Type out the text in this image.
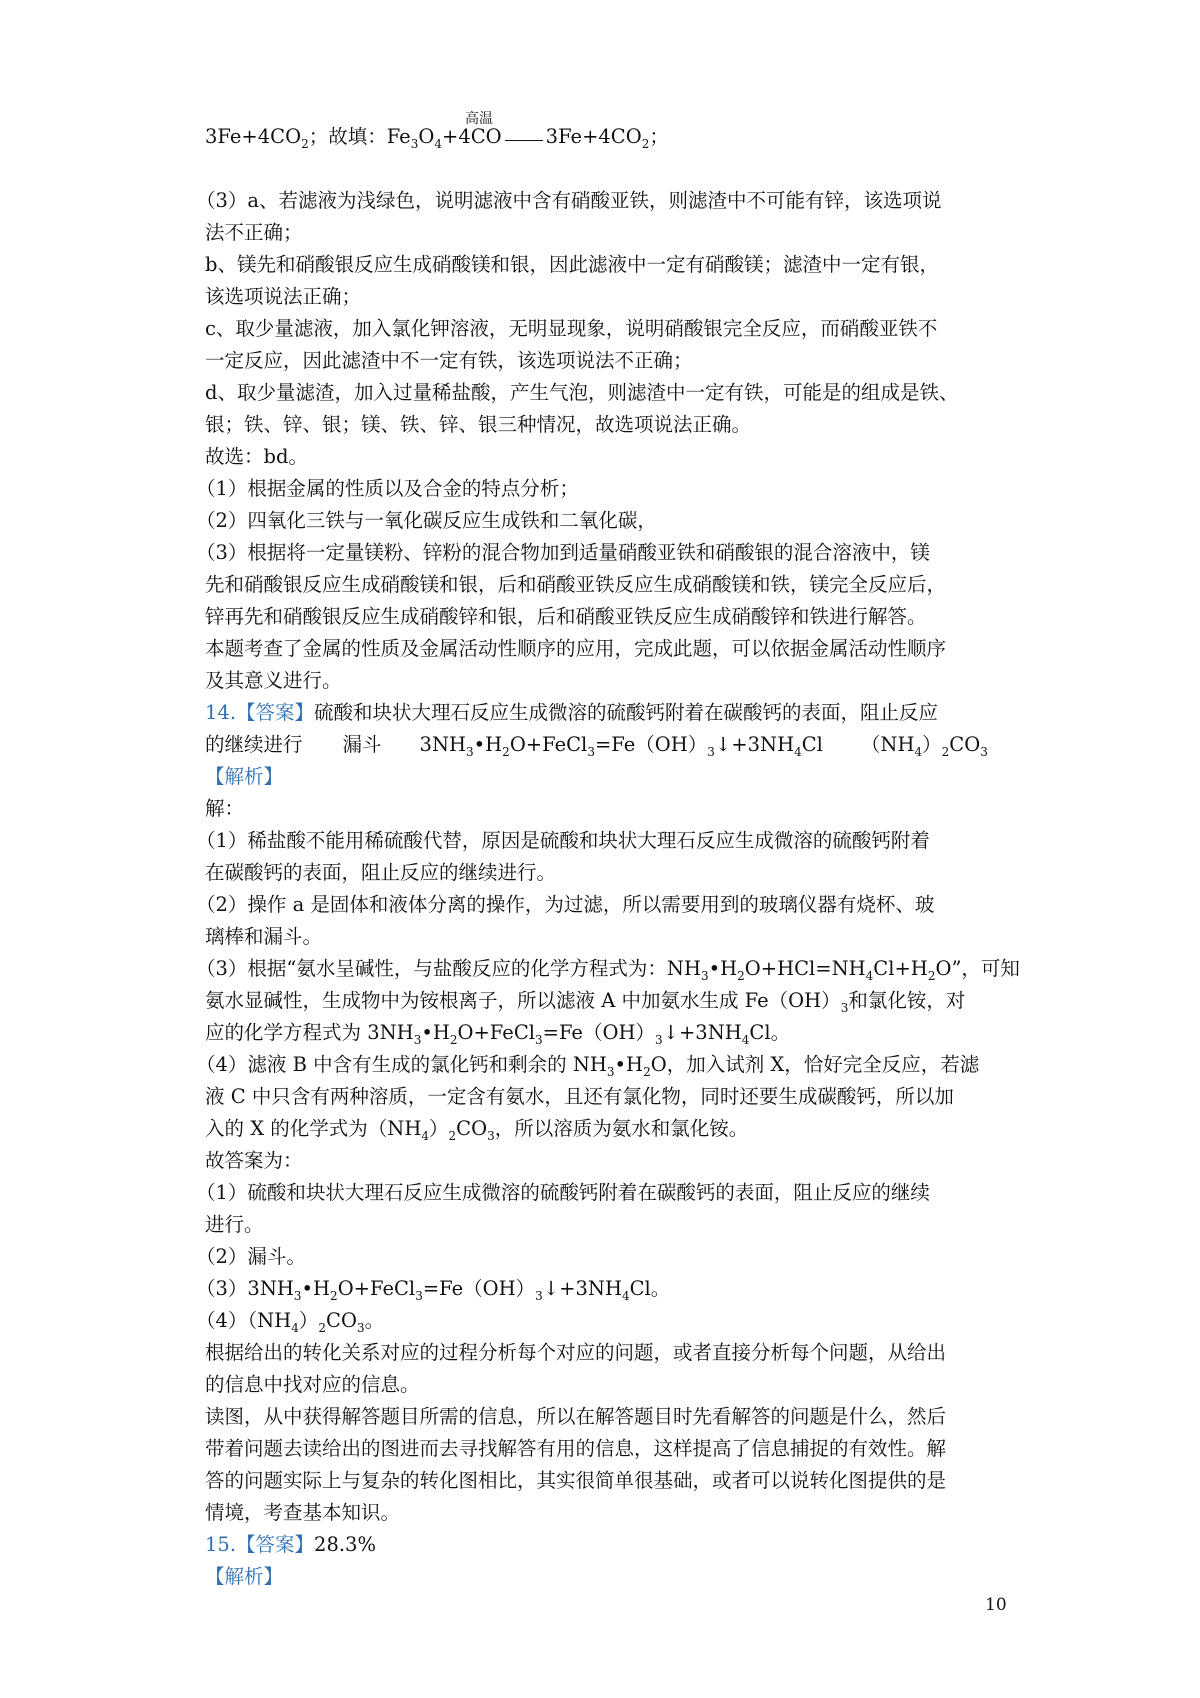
高温
$3Fe+4CO_2$；故填：$Fe_3O_4+4CO$ $3Fe+4CO_2$；
（3）a、若滤液为浅绿色，说明滤液中含有硝酸亚铁，则滤渣中不可能有锌，该选项说
法不正确；
b、镁先和硝酸银反应生成硝酸镁和银，因此滤液中一定有硝酸镁；滤渣中一定有银，
该选项说法正确；
c、取少量滤液，加入氯化钾溶液，无明显现象，说明硝酸银完全反应，而硝酸亚铁不
一定反应，因此滤渣中不一定有铁，该选项说法不正确；
d、取少量滤渣，加入过量稀盐酸，产生气泡，则滤渣中一定有铁，可能是的组成是铁、
银；铁、锌、银；镁、铁、锌、银三种情况，故选项说法正确。
故选：bd。
（1）根据金属的性质以及合金的特点分析；
（2）四氧化三铁与一氧化碳反应生成铁和二氧化碳，
（3）根据将一定量镁粉、锌粉的混合物加到适量硝酸亚铁和硝酸银的混合溶液中，镁
先和硝酸银反应生成硝酸镁和银，后和硝酸亚铁反应生成硝酸镁和铁，镁完全反应后，
锌再先和硝酸银反应生成硝酸锌和银，后和硝酸亚铁反应生成硝酸锌和铁进行解答。
本题考查了金属的性质及金属活动性顺序的应用，完成此题，可以依据金属活动性顺序
及其意义进行。
14.【答案】硫酸和块状大理石反应生成微溶的硫酸钙附着在碳酸钙的表面，阻止反应
的继续进行 漏斗 $3NH_3•H_2O+FeCl_3=Fe(OH)_3↓+3NH_4Cl$ $(NH_4)_2CO_3$
【解析】
解：
（1）稀盐酸不能用稀硫酸代替，原因是硫酸和块状大理石反应生成微溶的硫酸钙附着
在碳酸钙的表面，阻止反应的继续进行。
（2）操作 a 是固体和液体分离的操作，为过滤，所以需要用到的玻璃仪器有烧杯、玻
璃棒和漏斗。
（3）根据“氨水呈碱性，与盐酸反应的化学方程式为：$NH_3•H_2O+HCl=NH_4Cl+H_2O$”，可知
氨水显碱性，生成物中为铵根离子，所以滤液 A 中加氨水生成 $Fe(OH)_3$和氯化铵，对
应的化学方程式为 $3NH_3•H_2O+FeCl_3=Fe(OH)_3↓+3NH_4Cl$。
（4）滤液 B 中含有生成的氯化钙和剩余的 $NH_3•H_2O$，加入试剂 X，恰好完全反应，若滤
液 C 中只含有两种溶质，一定含有氨水，且还有氯化物，同时还要生成碳酸钙，所以加
入的 X 的化学式为$(NH_4)_2CO_3$，所以溶质为氨水和氯化铵。
故答案为：
（1）硫酸和块状大理石反应生成微溶的硫酸钙附着在碳酸钙的表面，阻止反应的继续
进行。
（2）漏斗。
$(3)3NH_3•H_2O+FeCl_3=Fe(OH)_3↓+3NH_4Cl$。
$(4)(NH_4)_2CO_3$。
根据给出的转化关系对应的过程分析每个对应的问题，或者直接分析每个问题，从给出
的信息中找对应的信息。
读图，从中获得解答题目所需的信息，所以在解答题目时先看解答的问题是什么，然后
带着问题去读给出的图进而去寻找解答有用的信息，这样提高了信息捕捉的有效性。解
答的问题实际上与复杂的转化图相比，其实很简单很基础，或者可以说转化图提供的是
情境，考查基本知识。
15.【答案】28.3%
【解析】
10
